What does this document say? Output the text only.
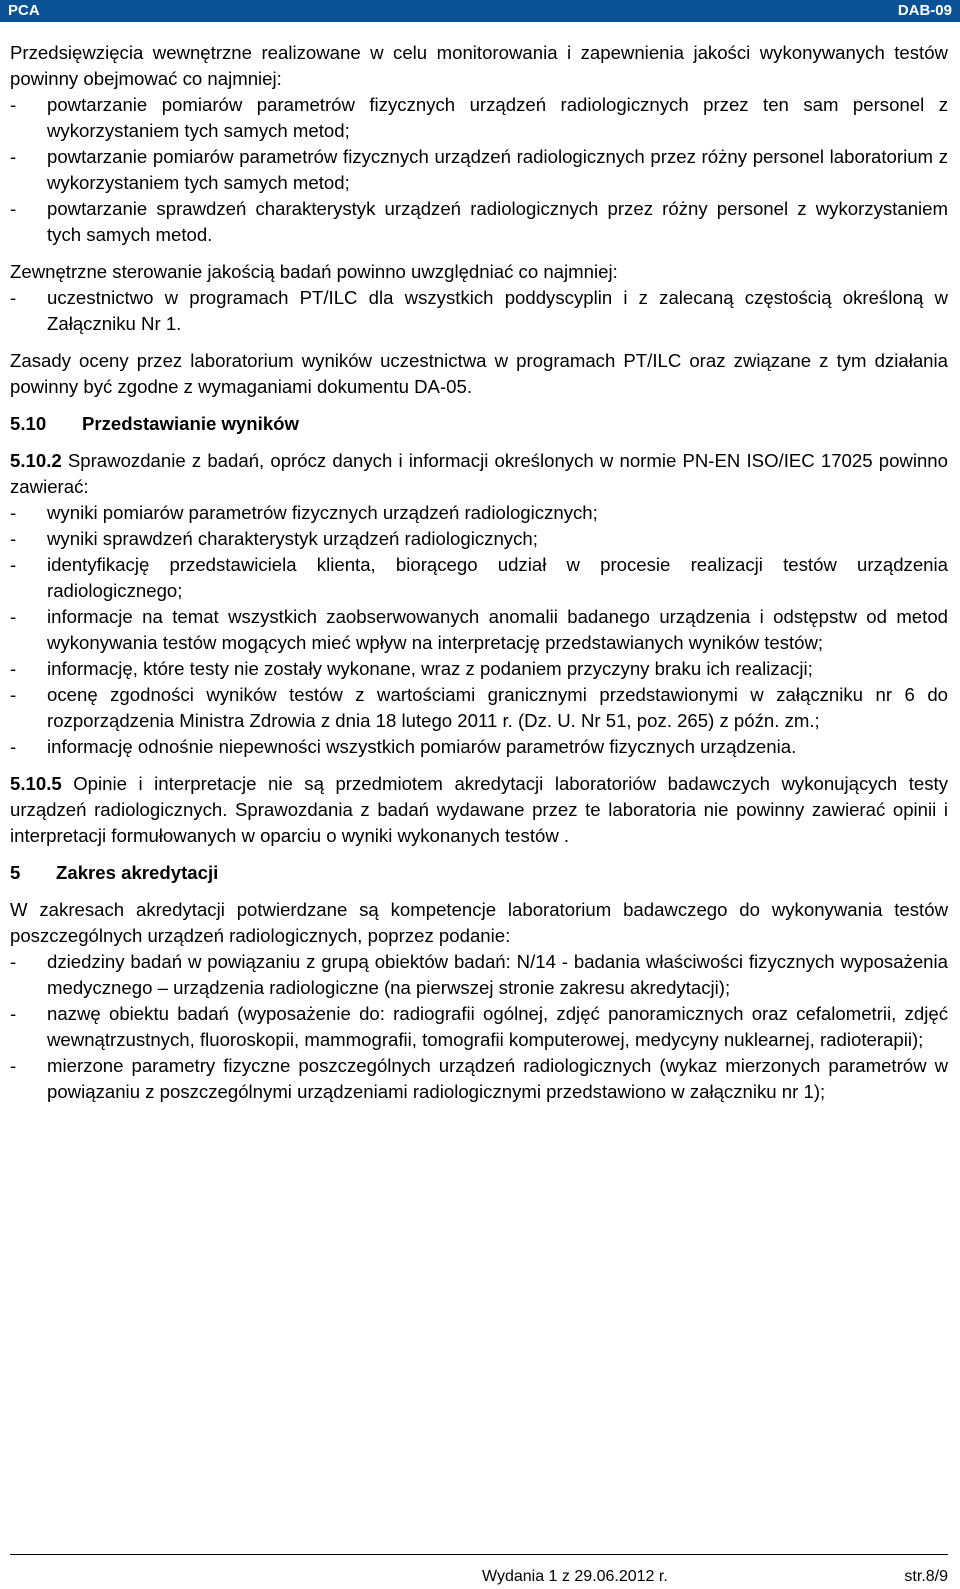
PCA	DAB-09

Przedsięwzięcia wewnętrzne realizowane w celu monitorowania i zapewnienia jakości wykonywanych testów powinny obejmować co najmniej:

-	powtarzanie pomiarów parametrów fizycznych urządzeń radiologicznych przez ten sam personel z wykorzystaniem tych samych metod;
-	powtarzanie pomiarów parametrów fizycznych urządzeń radiologicznych przez różny personel laboratorium z wykorzystaniem tych samych metod;
-	powtarzanie sprawdzeń charakterystyk urządzeń radiologicznych przez różny personel z wykorzystaniem tych samych metod.

Zewnętrzne sterowanie jakością badań powinno uwzględniać co najmniej:

-	uczestnictwo w programach PT/ILC dla wszystkich poddyscyplin i z zalecaną częstością określoną w Załączniku Nr 1.

Zasady oceny przez laboratorium wyników uczestnictwa w programach PT/ILC oraz związane z tym działania powinny być zgodne z wymaganiami dokumentu DA-05.

5.10 Przedstawianie wyników

5.10.2 Sprawozdanie z badań, oprócz danych i informacji określonych w normie PN-EN ISO/IEC 17025 powinno zawierać:

-	wyniki pomiarów parametrów fizycznych urządzeń radiologicznych;
-	wyniki sprawdzeń charakterystyk urządzeń radiologicznych;
-	identyfikację przedstawiciela klienta, biorącego udział w procesie realizacji testów urządzenia radiologicznego;
-	informacje na temat wszystkich zaobserwowanych anomalii badanego urządzenia i odstępstw od metod wykonywania testów mogących mieć wpływ na interpretację przedstawianych wyników testów;
-	informację, które testy nie zostały wykonane, wraz z podaniem przyczyny braku ich realizacji;
-	ocenę zgodności wyników testów z wartościami granicznymi przedstawionymi w załączniku nr 6 do rozporządzenia Ministra Zdrowia z dnia 18 lutego 2011 r. (Dz. U. Nr 51, poz. 265) z późn. zm.;
-	informację odnośnie niepewności wszystkich pomiarów parametrów fizycznych urządzenia.

5.10.5 Opinie i interpretacje nie są przedmiotem akredytacji laboratoriów badawczych wykonujących testy urządzeń radiologicznych. Sprawozdania z badań wydawane przez te laboratoria nie powinny zawierać opinii i interpretacji formułowanych w oparciu o wyniki wykonanych testów .

5 Zakres akredytacji

W zakresach akredytacji potwierdzane są kompetencje laboratorium badawczego do wykonywania testów poszczególnych urządzeń radiologicznych, poprzez podanie:

-	dziedziny badań w powiązaniu z grupą obiektów badań: N/14 - badania właściwości fizycznych wyposażenia medycznego – urządzenia radiologiczne (na pierwszej stronie zakresu akredytacji);
-	nazwę obiektu badań (wyposażenie do: radiografii ogólnej, zdjęć panoramicznych oraz cefalometrii, zdjęć wewnątrzustnych, fluoroskopii, mammografii, tomografii komputerowej, medycyny nuklearnej, radioterapii);
-	mierzone parametry fizyczne poszczególnych urządzeń radiologicznych (wykaz mierzonych parametrów w powiązaniu z poszczególnymi urządzeniami radiologicznymi przedstawiono w załączniku nr 1);
Wydania 1 z 29.06.2012 r.	str.8/9
